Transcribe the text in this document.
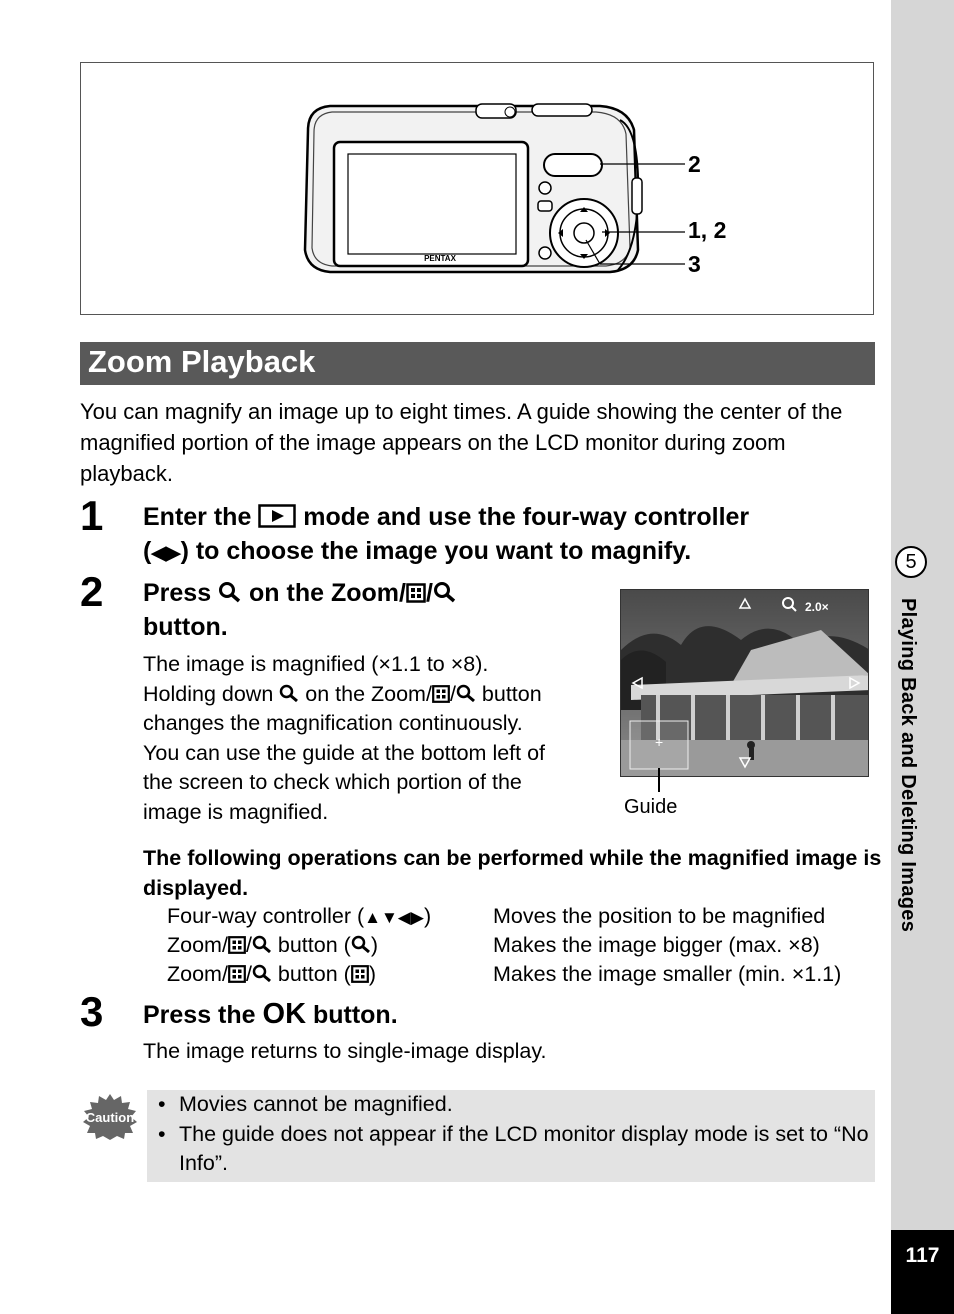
5
Playing Back and Deleting Images
117
PENTAX
2
1, 2
3
Zoom Playback
You can magnify an image up to eight times. A guide showing the center of the magnified portion of the image appears on the LCD monitor during zoom playback.
1 Enter the mode and use the four-way controller
(◀▶) to choose the image you want to magnify.
2 Press on the Zoom/ /
button.
The image is magnified (×1.1 to ×8).
Holding down on the Zoom/ / button
changes the magnification continuously.
You can use the guide at the bottom left of
the screen to check which portion of the
image is magnified.
+
2.0×
Guide
The following operations can be performed while the magnified image is displayed.
Four-way controller (▲▼◀▶)	Moves the position to be magnified
Zoom/ / button ( )	Makes the image bigger (max. ×8)
Zoom/ / button ( )	Makes the image smaller (min. ×1.1)
3 Press the OK button.
The image returns to single-image display.
Caution
• Movies cannot be magnified.
• The guide does not appear if the LCD monitor display mode is set to “No Info”.
